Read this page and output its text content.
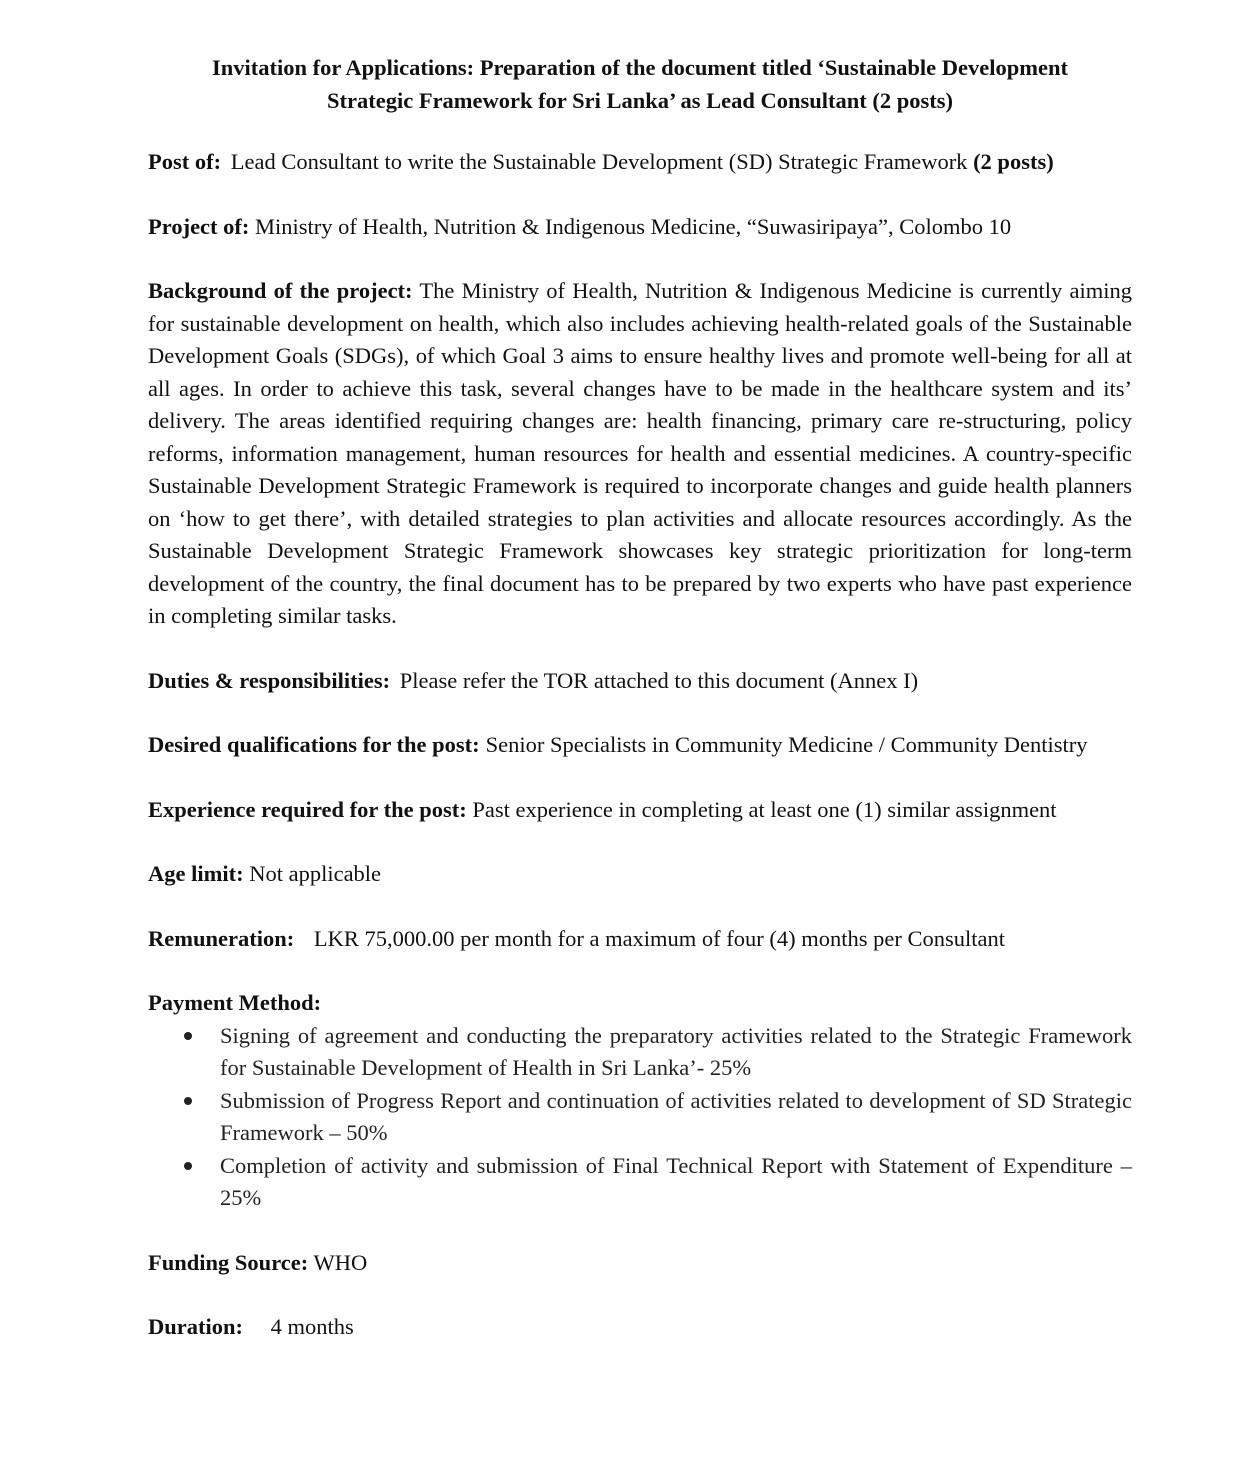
Invitation for Applications: Preparation of the document titled ‘Sustainable Development
Strategic Framework for Sri Lanka’ as Lead Consultant (2 posts)
Post of: Lead Consultant to write the Sustainable Development (SD) Strategic Framework (2 posts)
Project of: Ministry of Health, Nutrition & Indigenous Medicine, “Suwasiripaya”, Colombo 10
Background of the project: The Ministry of Health, Nutrition & Indigenous Medicine is currently aiming for sustainable development on health, which also includes achieving health-related goals of the Sustainable Development Goals (SDGs), of which Goal 3 aims to ensure healthy lives and promote well-being for all at all ages. In order to achieve this task, several changes have to be made in the healthcare system and its’ delivery. The areas identified requiring changes are: health financing, primary care re-structuring, policy reforms, information management, human resources for health and essential medicines. A country-specific Sustainable Development Strategic Framework is required to incorporate changes and guide health planners on ‘how to get there’, with detailed strategies to plan activities and allocate resources accordingly. As the Sustainable Development Strategic Framework showcases key strategic prioritization for long-term development of the country, the final document has to be prepared by two experts who have past experience in completing similar tasks.
Duties & responsibilities: Please refer the TOR attached to this document (Annex I)
Desired qualifications for the post: Senior Specialists in Community Medicine / Community Dentistry
Experience required for the post: Past experience in completing at least one (1) similar assignment
Age limit: Not applicable
Remuneration: LKR 75,000.00 per month for a maximum of four (4) months per Consultant
Payment Method:
Signing of agreement and conducting the preparatory activities related to the Strategic Framework for Sustainable Development of Health in Sri Lanka’- 25%
Submission of Progress Report and continuation of activities related to development of SD Strategic Framework – 50%
Completion of activity and submission of Final Technical Report with Statement of Expenditure – 25%
Funding Source: WHO
Duration: 4 months
